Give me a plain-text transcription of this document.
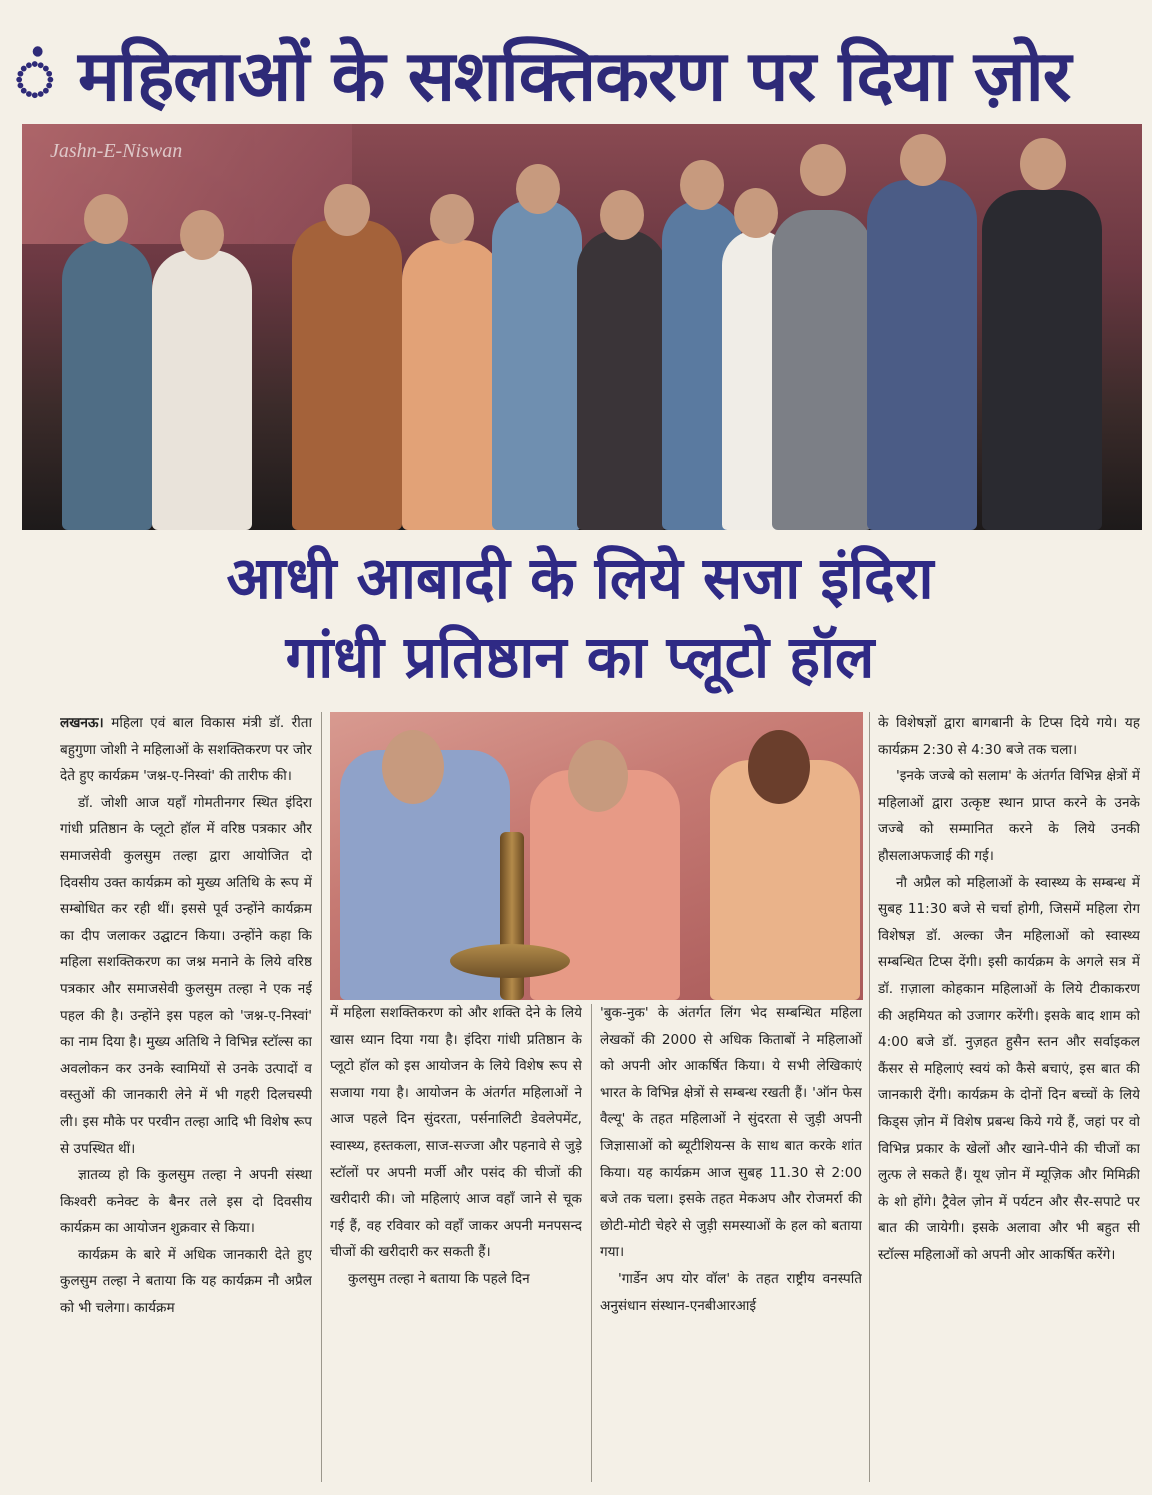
ं महिलाओं के सशक्तिकरण पर दिया ज़ोर
Jashn-E-Niswan
आधी आबादी के लिये सजा इंदिरा
गांधी प्रतिष्ठान का प्लूटो हॉल

लखनऊ। महिला एवं बाल विकास मंत्री डॉ. रीता बहुगुणा जोशी ने महिलाओं के सशक्तिकरण पर जोर देते हुए कार्यक्रम 'जश्न-ए-निस्वां' की तारीफ की।

डॉ. जोशी आज यहाँ गोमतीनगर स्थित इंदिरा गांधी प्रतिष्ठान के प्लूटो हॉल में वरिष्ठ पत्रकार और समाजसेवी कुलसुम तल्हा द्वारा आयोजित दो दिवसीय उक्त कार्यक्रम को मुख्य अतिथि के रूप में सम्बोधित कर रही थीं। इससे पूर्व उन्होंने कार्यक्रम का दीप जलाकर उद्घाटन किया। उन्होंने कहा कि महिला सशक्तिकरण का जश्न मनाने के लिये वरिष्ठ पत्रकार और समाजसेवी कुलसुम तल्हा ने एक नई पहल की है। उन्होंने इस पहल को 'जश्न-ए-निस्वां' का नाम दिया है। मुख्य अतिथि ने विभिन्न स्टॉल्स का अवलोकन कर उनके स्वामियों से उनके उत्पादों व वस्तुओं की जानकारी लेने में भी गहरी दिलचस्पी ली। इस मौके पर परवीन तल्हा आदि भी विशेष रूप से उपस्थित थीं।

ज्ञातव्य हो कि कुलसुम तल्हा ने अपनी संस्था किश्वरी कनेक्ट के बैनर तले इस दो दिवसीय कार्यक्रम का आयोजन शुक्रवार से किया।

कार्यक्रम के बारे में अधिक जानकारी देते हुए कुलसुम तल्हा ने बताया कि यह कार्यक्रम नौ अप्रैल को भी चलेगा। कार्यक्रम

में महिला सशक्तिकरण को और शक्ति देने के लिये खास ध्यान दिया गया है। इंदिरा गांधी प्रतिष्ठान के प्लूटो हॉल को इस आयोजन के लिये विशेष रूप से सजाया गया है। आयोजन के अंतर्गत महिलाओं ने आज पहले दिन सुंदरता, पर्सनालिटी डेवलेपमेंट, स्वास्थ्य, हस्तकला, साज-सज्जा और पहनावे से जुड़े स्टॉलों पर अपनी मर्जी और पसंद की चीजों की खरीदारी की। जो महिलाएं आज वहाँ जाने से चूक गई हैं, वह रविवार को वहाँ जाकर अपनी मनपसन्द चीजों की खरीदारी कर सकती हैं।

कुलसुम तल्हा ने बताया कि पहले दिन

'बुक-नुक' के अंतर्गत लिंग भेद सम्बन्धित महिला लेखकों की 2000 से अधिक किताबों ने महिलाओं को अपनी ओर आकर्षित किया। ये सभी लेखिकाएं भारत के विभिन्न क्षेत्रों से सम्बन्ध रखती हैं। 'ऑन फेस वैल्यू' के तहत महिलाओं ने सुंदरता से जुड़ी अपनी जिज्ञासाओं को ब्यूटीशियन्स के साथ बात करके शांत किया। यह कार्यक्रम आज सुबह 11.30 से 2:00 बजे तक चला। इसके तहत मेकअप और रोजमर्रा की छोटी-मोटी चेहरे से जुड़ी समस्याओं के हल को बताया गया।

'गार्डेन अप योर वॉल' के तहत राष्ट्रीय वनस्पति अनुसंधान संस्थान-एनबीआरआई

के विशेषज्ञों द्वारा बागबानी के टिप्स दिये गये। यह कार्यक्रम 2:30 से 4:30 बजे तक चला।

'इनके जज्बे को सलाम' के अंतर्गत विभिन्न क्षेत्रों में महिलाओं द्वारा उत्कृष्ट स्थान प्राप्त करने के उनके जज्बे को सम्मानित करने के लिये उनकी हौसलाअफजाई की गई।

नौ अप्रैल को महिलाओं के स्वास्थ्य के सम्बन्ध में सुबह 11:30 बजे से चर्चा होगी, जिसमें महिला रोग विशेषज्ञ डॉ. अल्का जैन महिलाओं को स्वास्थ्य सम्बन्धित टिप्स देंगी। इसी कार्यक्रम के अगले सत्र में डॉ. ग़ज़ाला कोहकान महिलाओं के लिये टीकाकरण की अहमियत को उजागर करेंगी। इसके बाद शाम को 4:00 बजे डॉ. नुज़हत हुसैन स्तन और सर्वाइकल कैंसर से महिलाएं स्वयं को कैसे बचाएं, इस बात की जानकारी देंगी। कार्यक्रम के दोनों दिन बच्चों के लिये किड्स ज़ोन में विशेष प्रबन्ध किये गये हैं, जहां पर वो विभिन्न प्रकार के खेलों और खाने-पीने की चीजों का लुत्फ ले सकते हैं। यूथ ज़ोन में म्यूज़िक और मिमिक्री के शो होंगे। ट्रैवेल ज़ोन में पर्यटन और सैर-सपाटे पर बात की जायेगी। इसके अलावा और भी बहुत सी स्टॉल्स महिलाओं को अपनी ओर आकर्षित करेंगे।
